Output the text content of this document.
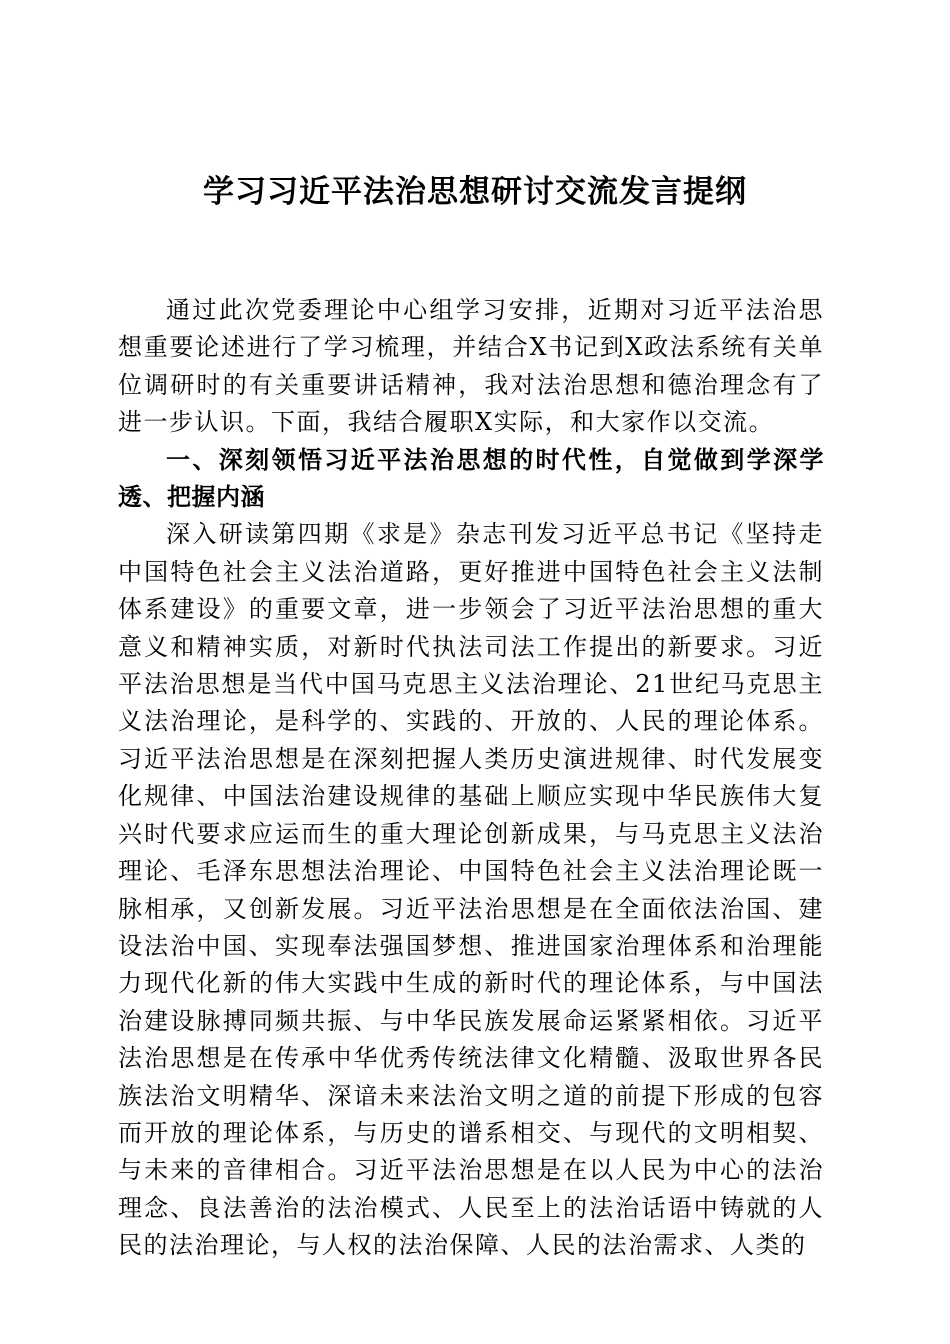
学习习近平法治思想研讨交流发言提纲

通过此次党委理论中心组学习安排，近期对习近平法治思想重要论述进行了学习梳理，并结合X书记到X政法系统有关单位调研时的有关重要讲话精神，我对法治思想和德治理念有了进一步认识。下面，我结合履职X实际，和大家作以交流。

一、深刻领悟习近平法治思想的时代性，自觉做到学深学透、把握内涵

深入研读第四期《求是》杂志刊发习近平总书记《坚持走中国特色社会主义法治道路，更好推进中国特色社会主义法制体系建设》的重要文章，进一步领会了习近平法治思想的重大意义和精神实质，对新时代执法司法工作提出的新要求。习近平法治思想是当代中国马克思主义法治理论、21世纪马克思主义法治理论，是科学的、实践的、开放的、人民的理论体系。习近平法治思想是在深刻把握人类历史演进规律、时代发展变化规律、中国法治建设规律的基础上顺应实现中华民族伟大复兴时代要求应运而生的重大理论创新成果，与马克思主义法治理论、毛泽东思想法治理论、中国特色社会主义法治理论既一脉相承，又创新发展。习近平法治思想是在全面依法治国、建设法治中国、实现奉法强国梦想、推进国家治理体系和治理能力现代化新的伟大实践中生成的新时代的理论体系，与中国法治建设脉搏同频共振、与中华民族发展命运紧紧相依。习近平法治思想是在传承中华优秀传统法律文化精髓、汲取世界各民族法治文明精华、深谙未来法治文明之道的前提下形成的包容而开放的理论体系，与历史的谱系相交、与现代的文明相契、与未来的音律相合。习近平法治思想是在以人民为中心的法治理念、良法善治的法治模式、人民至上的法治话语中铸就的人民的法治理论，与人权的法治保障、人民的法治需求、人类的
